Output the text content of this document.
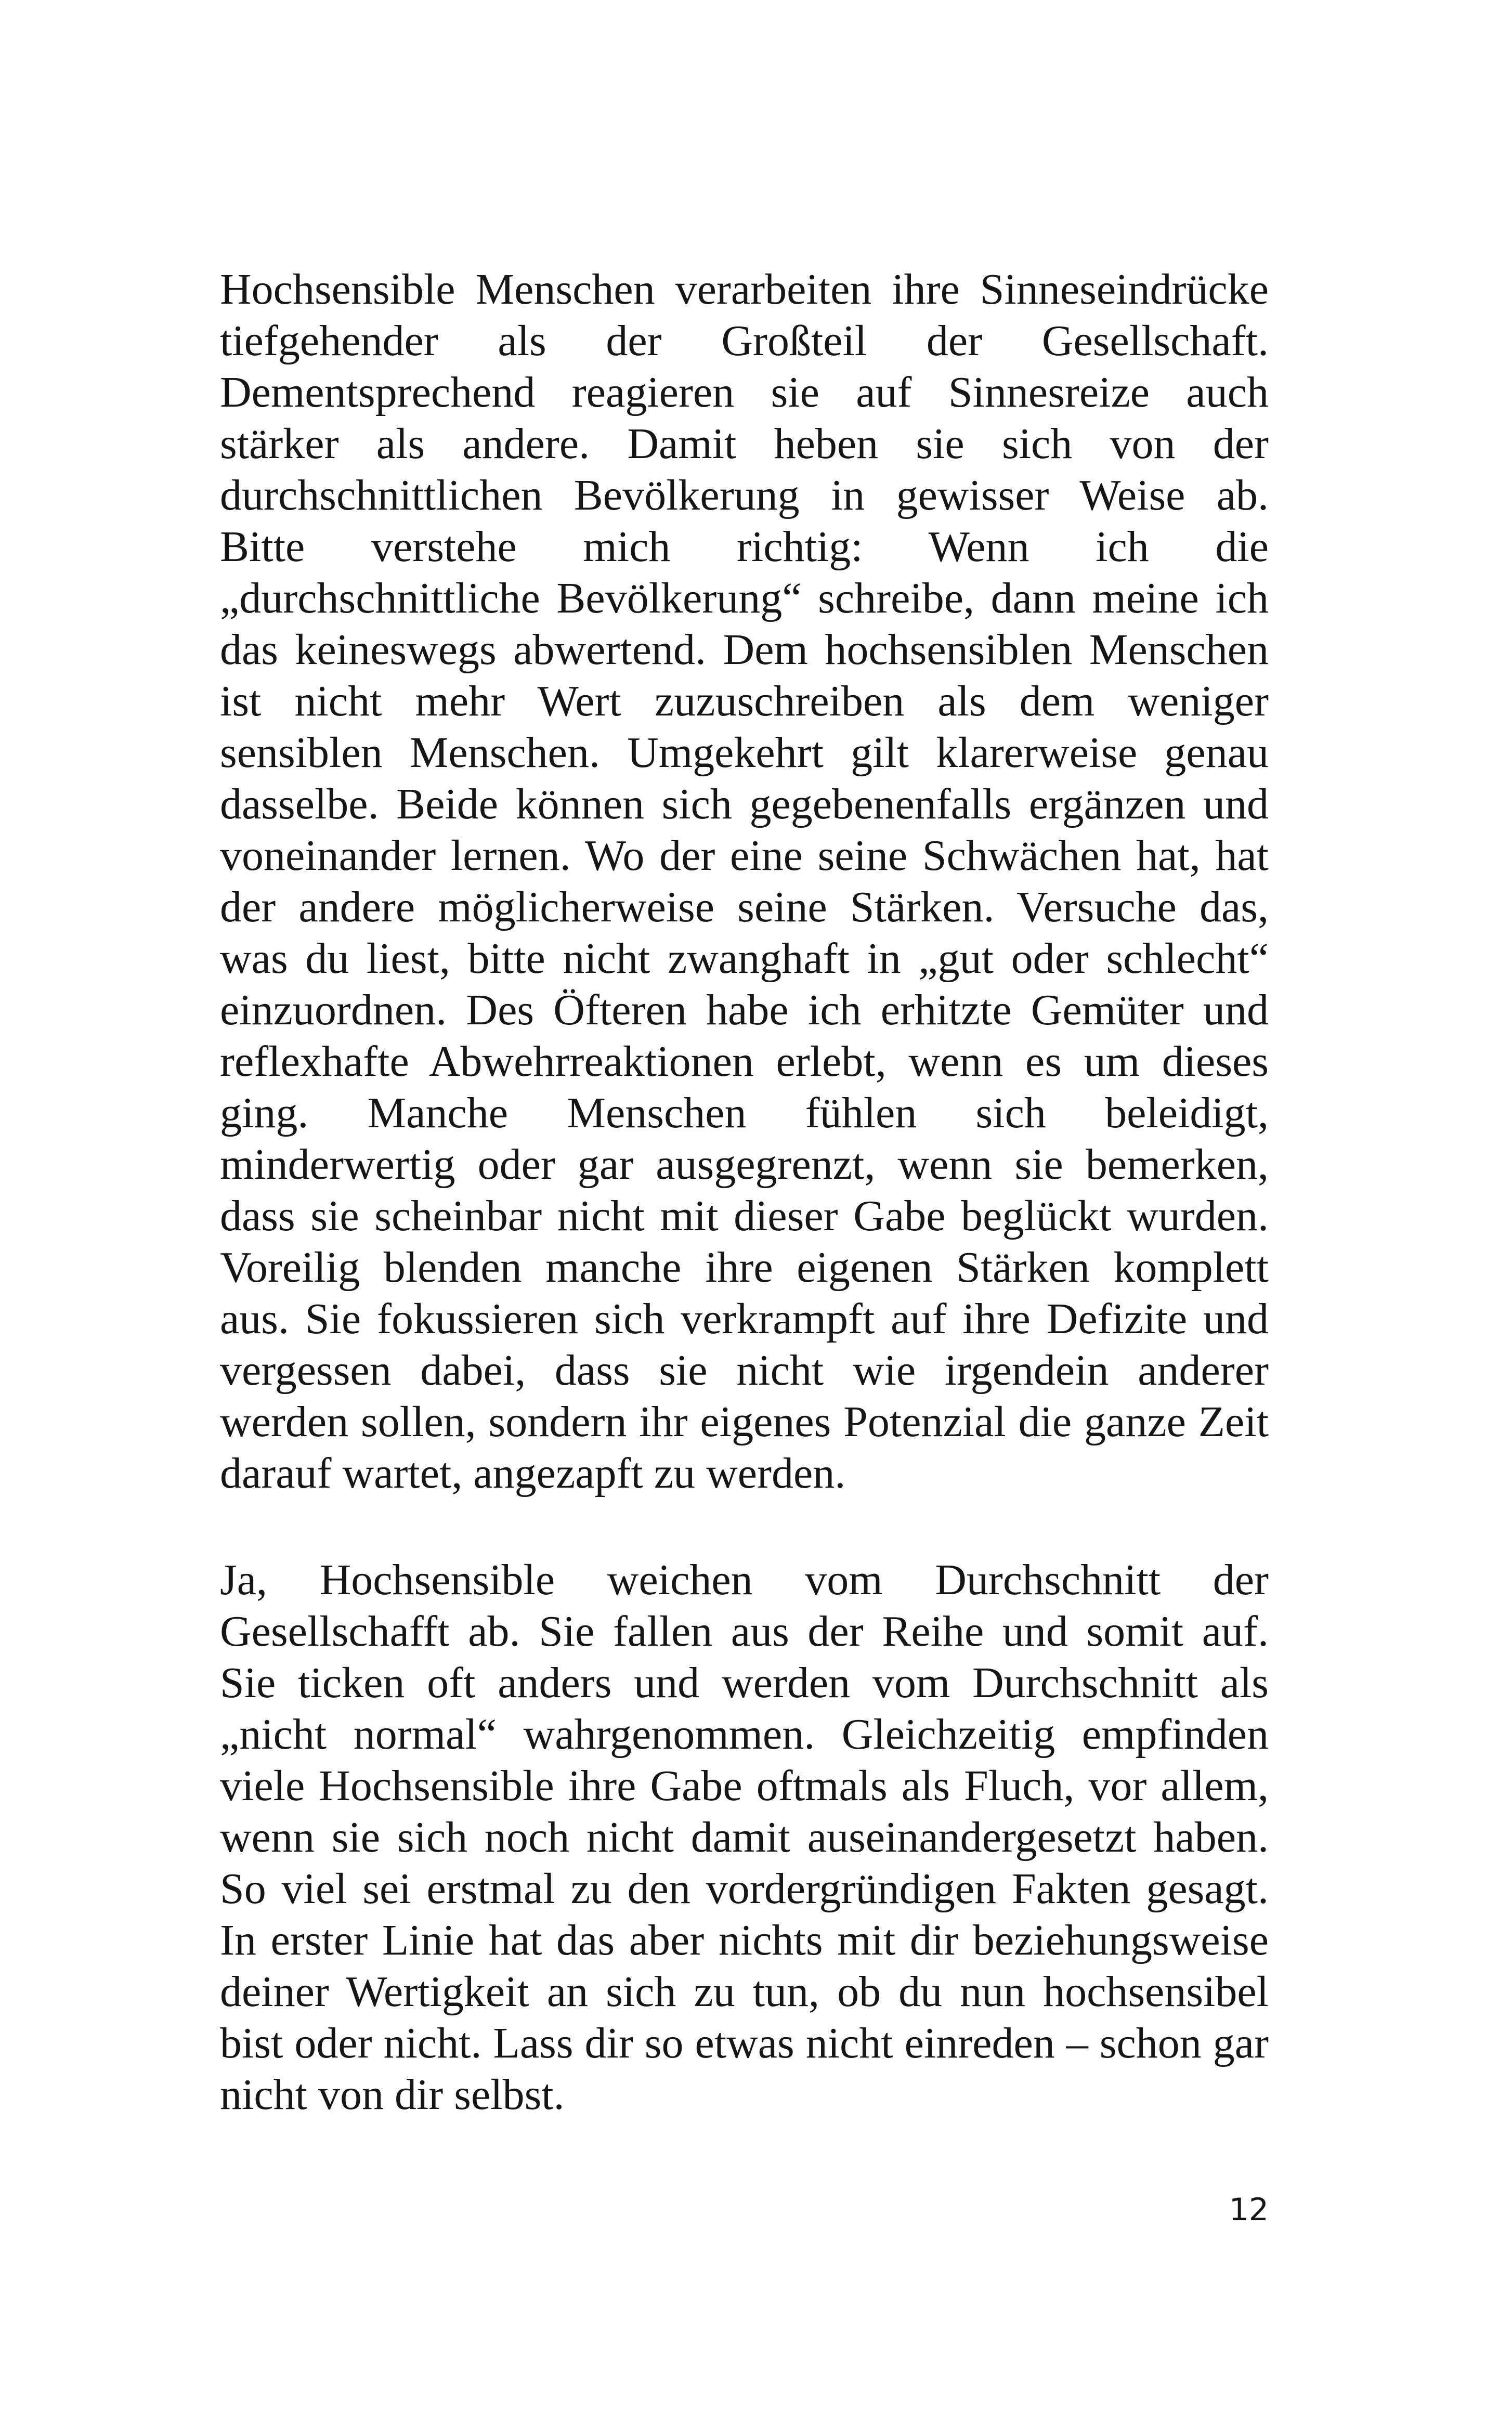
Hochsensible Menschen verarbeiten ihre Sinneseindrücke
tiefgehender als der Großteil der Gesellschaft.
Dementsprechend reagieren sie auf Sinnesreize auch
stärker als andere. Damit heben sie sich von der
durchschnittlichen Bevölkerung in gewisser Weise ab.
Bitte verstehe mich richtig: Wenn ich die
„durchschnittliche Bevölkerung“ schreibe, dann meine ich
das keineswegs abwertend. Dem hochsensiblen Menschen
ist nicht mehr Wert zuzuschreiben als dem weniger
sensiblen Menschen. Umgekehrt gilt klarerweise genau
dasselbe. Beide können sich gegebenenfalls ergänzen und
voneinander lernen. Wo der eine seine Schwächen hat, hat
der andere möglicherweise seine Stärken. Versuche das,
was du liest, bitte nicht zwanghaft in „gut oder schlecht“
einzuordnen. Des Öfteren habe ich erhitzte Gemüter und
reflexhafte Abwehrreaktionen erlebt, wenn es um dieses
ging. Manche Menschen fühlen sich beleidigt,
minderwertig oder gar ausgegrenzt, wenn sie bemerken,
dass sie scheinbar nicht mit dieser Gabe beglückt wurden.
Voreilig blenden manche ihre eigenen Stärken komplett
aus. Sie fokussieren sich verkrampft auf ihre Defizite und
vergessen dabei, dass sie nicht wie irgendein anderer
werden sollen, sondern ihr eigenes Potenzial die ganze Zeit
darauf wartet, angezapft zu werden.
Ja, Hochsensible weichen vom Durchschnitt der
Gesellschafft ab. Sie fallen aus der Reihe und somit auf.
Sie ticken oft anders und werden vom Durchschnitt als
„nicht normal“ wahrgenommen. Gleichzeitig empfinden
viele Hochsensible ihre Gabe oftmals als Fluch, vor allem,
wenn sie sich noch nicht damit auseinandergesetzt haben.
So viel sei erstmal zu den vordergründigen Fakten gesagt.
In erster Linie hat das aber nichts mit dir beziehungsweise
deiner Wertigkeit an sich zu tun, ob du nun hochsensibel
bist oder nicht. Lass dir so etwas nicht einreden – schon gar
nicht von dir selbst.
12
